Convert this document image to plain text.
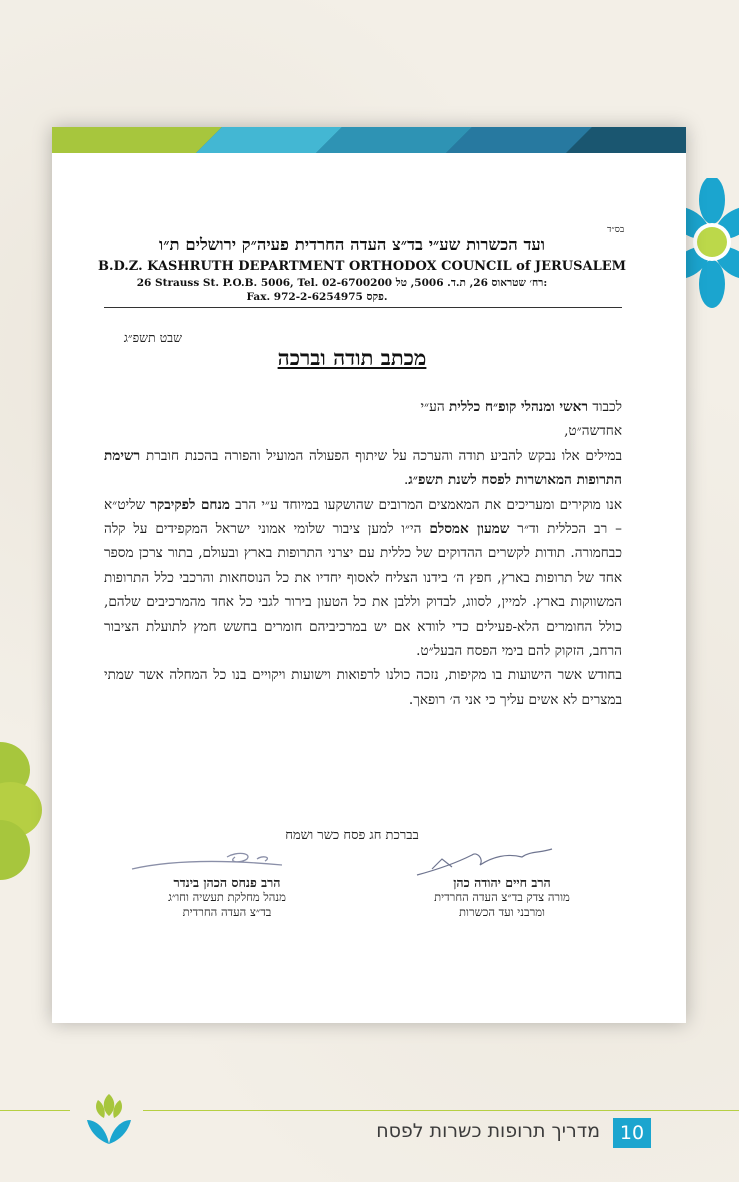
בס״ד
ועד הכשרות שע״י בד״צ העדה החרדית פעיה״ק ירושלים ת״ו
B.D.Z. KASHRUTH DEPARTMENT ORTHODOX COUNCIL of JERUSALEM
26 Strauss St. P.O.B. 5006, Tel. 02-6700200 רח׳ שטראוס 26, ת.ד. 5006, טל:
Fax. 972-2-6254975 פקס.
שבט תשפ״ג
מכתב תודה וברכה

לכבוד ראשי ומנהלי קופ״ח כללית הע״י

אחדשה״ט,

במילים אלו נבקש להביע תודה והערכה על שיתוף הפעולה המועיל והפורה בהכנת חוברת רשימת התרופות המאושרות לפסח לשנת תשפ״ג.

אנו מוקירים ומעריכים את המאמצים המרובים שהושקעו במיוחד ע״י הרב מנחם לפקיבקר שליט״א – רב הכללית וד״ר שמעון אמסלם הי״ו למען ציבור שלומי אמוני ישראל המקפידים על קלה כבחמורה. תודות לקשרים ההדוקים של כללית עם יצרני התרופות בארץ ובעולם, בתור צרכן מספר אחד של תרופות בארץ, חפץ ה׳ בידנו הצליח לאסוף יחדיו את כל הנוסחאות והרכבי כלל התרופות המשווקות בארץ. למיין, לסווג, לבדוק וללבן את כל הטעון בירור לגבי כל אחד מהמרכיבים שלהם, כולל החומרים הלא-פעילים כדי לוודא אם יש במרכיביהם חומרים בחשש חמץ לתועלת הציבור הרחב, הזקוק להם בימי הפסח הבעל״ט.

בחודש אשר הישועות בו מקיפות, נזכה כולנו לרפואות וישועות ויקויים בנו כל המחלה אשר שמתי במצרים לא אשים עליך כי אני ה׳ רופאך.

בברכת חג פסח כשר ושמח
הרב פנחס הכהן בינדר
מנהל מחלקת תעשיה וחו״ג
בד״צ העדה החרדית
הרב חיים יהודה כהן
מורה צדק בד״צ העדה החרדית
ומרבני ועד הכשרות
מדריך תרופות כשרות לפסח	10
